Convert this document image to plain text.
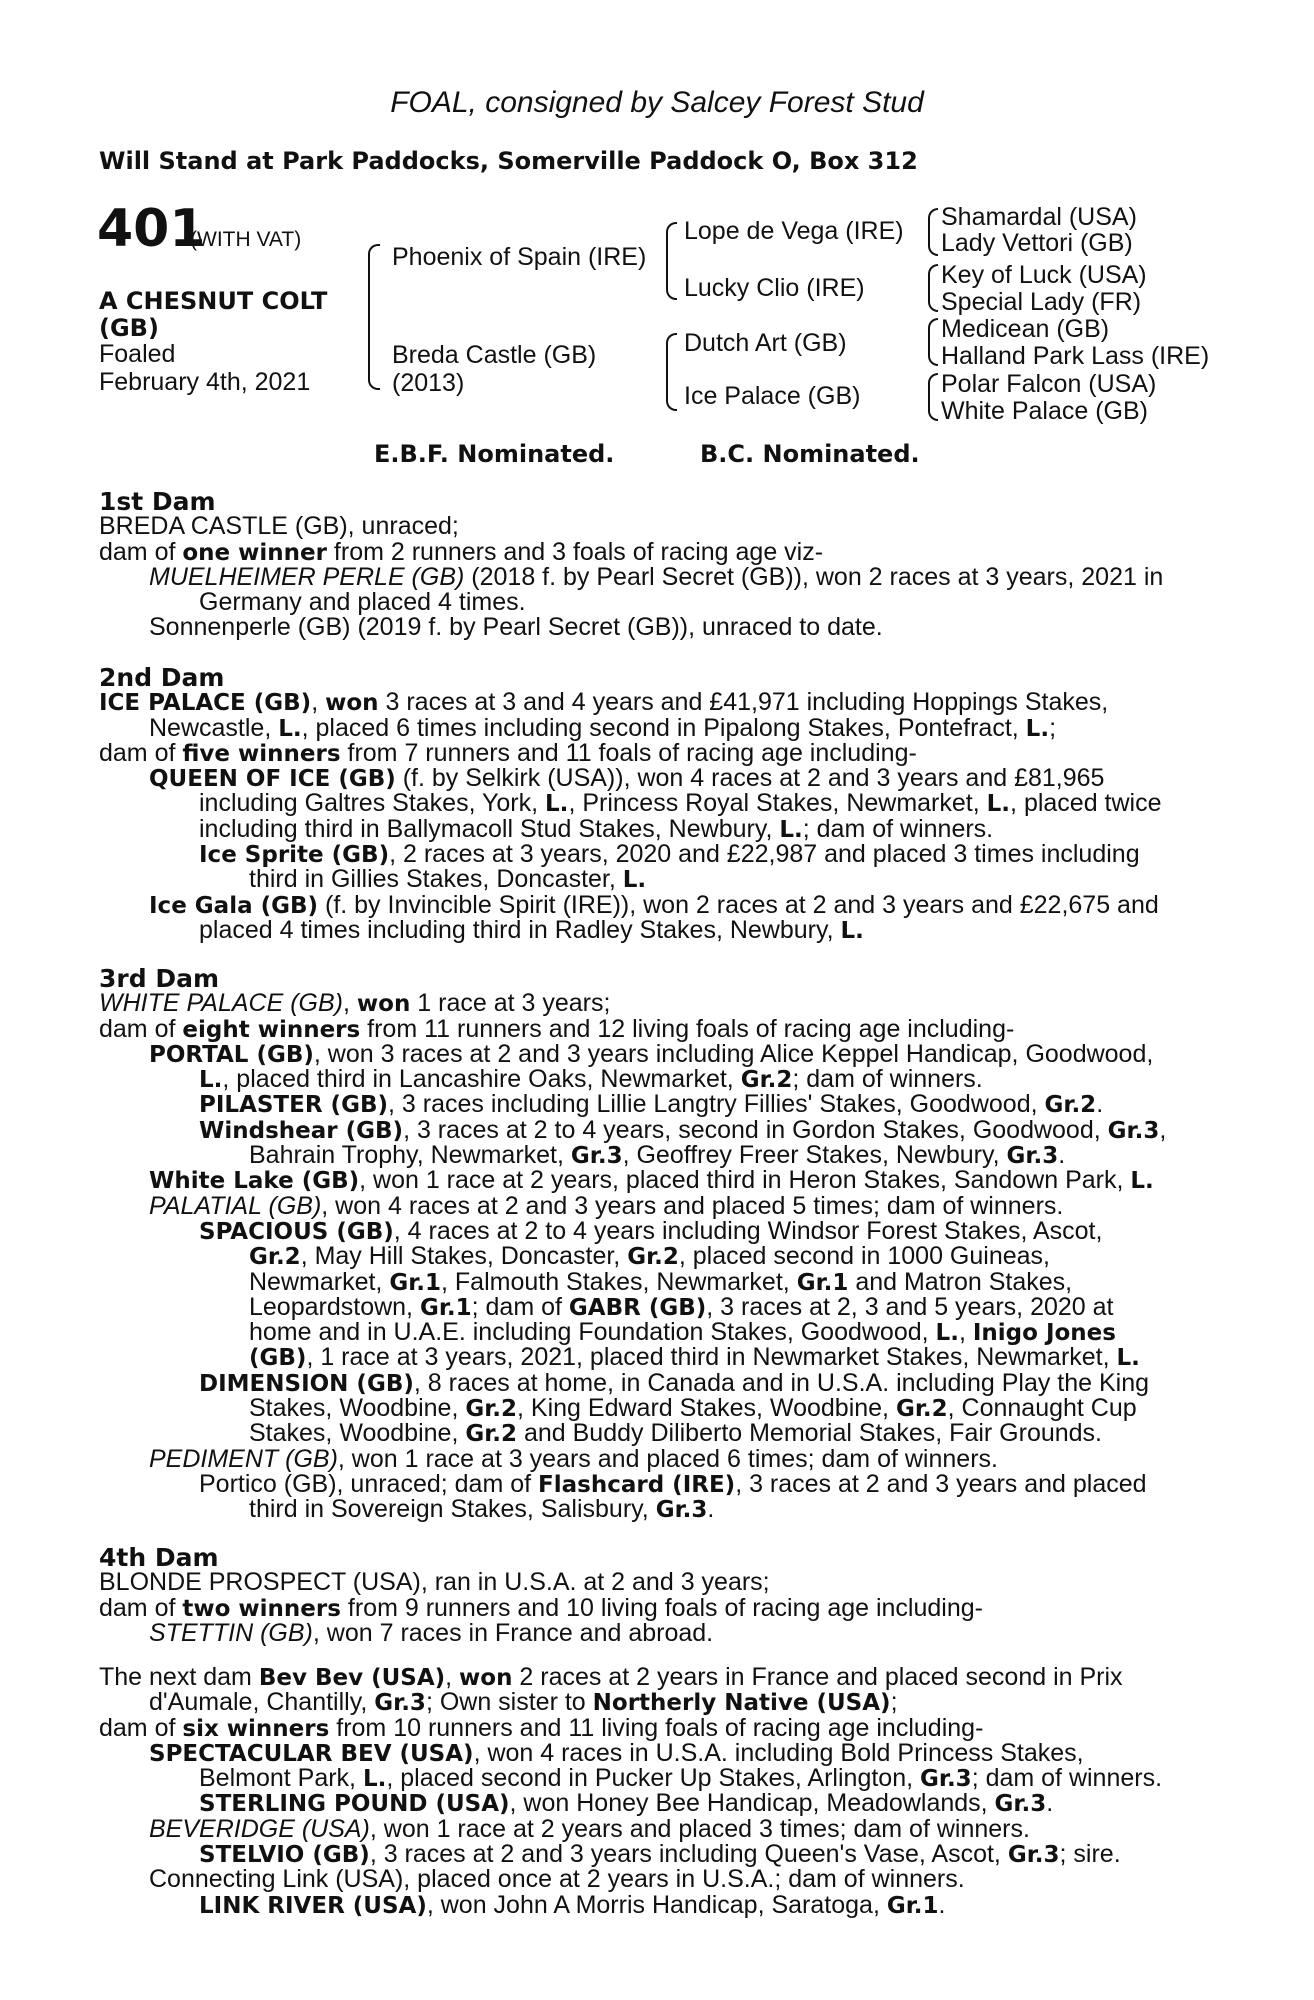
FOAL, consigned by Salcey Forest Stud
Will Stand at Park Paddocks, Somerville Paddock O, Box 312
401
(WITH VAT)
A CHESNUT COLT
(GB)
Foaled
February 4th, 2021
Phoenix of Spain (IRE)
Breda Castle (GB)
(2013)
Lope de Vega (IRE)
Lucky Clio (IRE)
Dutch Art (GB)
Ice Palace (GB)
Shamardal (USA)
Lady Vettori (GB)
Key of Luck (USA)
Special Lady (FR)
Medicean (GB)
Halland Park Lass (IRE)
Polar Falcon (USA)
White Palace (GB)
E.B.F. Nominated.	B.C. Nominated.
1st Dam
BREDA CASTLE (GB), unraced;
dam of one winner from 2 runners and 3 foals of racing age viz-
MUELHEIMER PERLE (GB) (2018 f. by Pearl Secret (GB)), won 2 races at 3 years, 2021 in
Germany and placed 4 times.
Sonnenperle (GB) (2019 f. by Pearl Secret (GB)), unraced to date.
2nd Dam
ICE PALACE (GB), won 3 races at 3 and 4 years and £41,971 including Hoppings Stakes,
Newcastle, L., placed 6 times including second in Pipalong Stakes, Pontefract, L.;
dam of five winners from 7 runners and 11 foals of racing age including-
QUEEN OF ICE (GB) (f. by Selkirk (USA)), won 4 races at 2 and 3 years and £81,965
including Galtres Stakes, York, L., Princess Royal Stakes, Newmarket, L., placed twice
including third in Ballymacoll Stud Stakes, Newbury, L.; dam of winners.
Ice Sprite (GB), 2 races at 3 years, 2020 and £22,987 and placed 3 times including
third in Gillies Stakes, Doncaster, L.
Ice Gala (GB) (f. by Invincible Spirit (IRE)), won 2 races at 2 and 3 years and £22,675 and
placed 4 times including third in Radley Stakes, Newbury, L.
3rd Dam
WHITE PALACE (GB), won 1 race at 3 years;
dam of eight winners from 11 runners and 12 living foals of racing age including-
PORTAL (GB), won 3 races at 2 and 3 years including Alice Keppel Handicap, Goodwood,
L., placed third in Lancashire Oaks, Newmarket, Gr.2; dam of winners.
PILASTER (GB), 3 races including Lillie Langtry Fillies' Stakes, Goodwood, Gr.2.
Windshear (GB), 3 races at 2 to 4 years, second in Gordon Stakes, Goodwood, Gr.3,
Bahrain Trophy, Newmarket, Gr.3, Geoffrey Freer Stakes, Newbury, Gr.3.
White Lake (GB), won 1 race at 2 years, placed third in Heron Stakes, Sandown Park, L.
PALATIAL (GB), won 4 races at 2 and 3 years and placed 5 times; dam of winners.
SPACIOUS (GB), 4 races at 2 to 4 years including Windsor Forest Stakes, Ascot,
Gr.2, May Hill Stakes, Doncaster, Gr.2, placed second in 1000 Guineas,
Newmarket, Gr.1, Falmouth Stakes, Newmarket, Gr.1 and Matron Stakes,
Leopardstown, Gr.1; dam of GABR (GB), 3 races at 2, 3 and 5 years, 2020 at
home and in U.A.E. including Foundation Stakes, Goodwood, L., Inigo Jones
(GB), 1 race at 3 years, 2021, placed third in Newmarket Stakes, Newmarket, L.
DIMENSION (GB), 8 races at home, in Canada and in U.S.A. including Play the King
Stakes, Woodbine, Gr.2, King Edward Stakes, Woodbine, Gr.2, Connaught Cup
Stakes, Woodbine, Gr.2 and Buddy Diliberto Memorial Stakes, Fair Grounds.
PEDIMENT (GB), won 1 race at 3 years and placed 6 times; dam of winners.
Portico (GB), unraced; dam of Flashcard (IRE), 3 races at 2 and 3 years and placed
third in Sovereign Stakes, Salisbury, Gr.3.
4th Dam
BLONDE PROSPECT (USA), ran in U.S.A. at 2 and 3 years;
dam of two winners from 9 runners and 10 living foals of racing age including-
STETTIN (GB), won 7 races in France and abroad.
The next dam Bev Bev (USA), won 2 races at 2 years in France and placed second in Prix
d'Aumale, Chantilly, Gr.3; Own sister to Northerly Native (USA);
dam of six winners from 10 runners and 11 living foals of racing age including-
SPECTACULAR BEV (USA), won 4 races in U.S.A. including Bold Princess Stakes,
Belmont Park, L., placed second in Pucker Up Stakes, Arlington, Gr.3; dam of winners.
STERLING POUND (USA), won Honey Bee Handicap, Meadowlands, Gr.3.
BEVERIDGE (USA), won 1 race at 2 years and placed 3 times; dam of winners.
STELVIO (GB), 3 races at 2 and 3 years including Queen's Vase, Ascot, Gr.3; sire.
Connecting Link (USA), placed once at 2 years in U.S.A.; dam of winners.
LINK RIVER (USA), won John A Morris Handicap, Saratoga, Gr.1.
